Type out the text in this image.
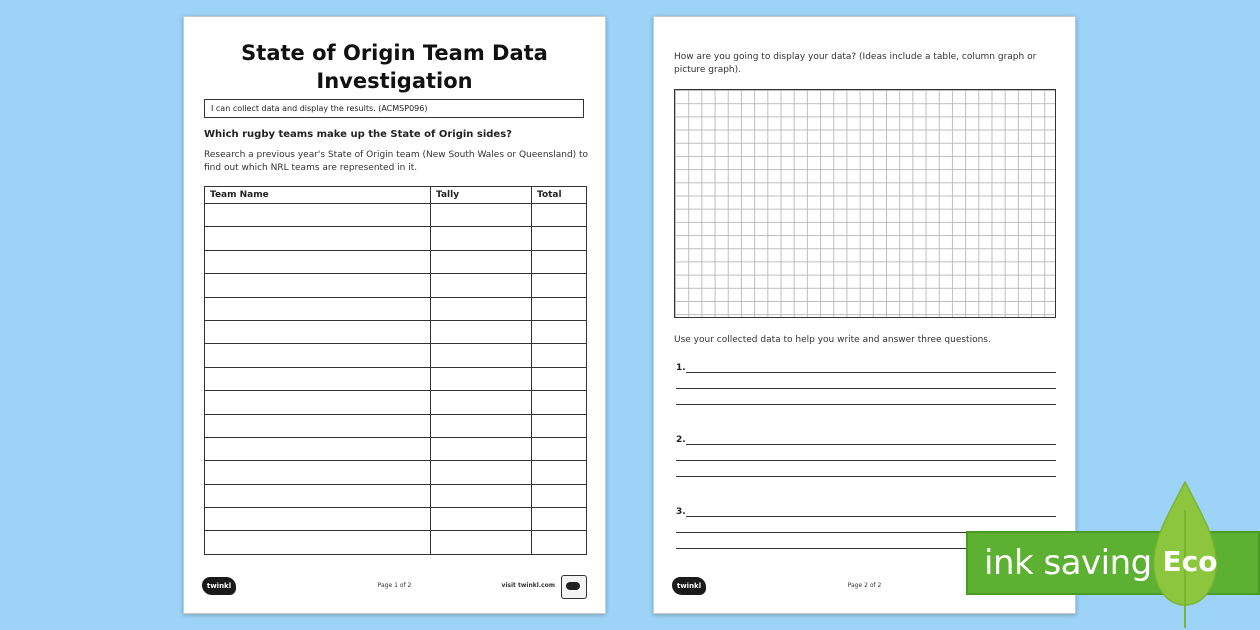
State of Origin Team Data
Investigation
I can collect data and display the results. (ACMSP096)
Which rugby teams make up the State of Origin sides?
Research a previous year's State of Origin team (New South Wales or Queensland) to find out which NRL teams are represented in it.
Team Name	Tally	Total

twinkl	Page 1 of 2	visit twinkl.com
How are you going to display your data? (Ideas include a table, column graph or picture graph).
Use your collected data to help you write and answer three questions.
1.
2.
3.
twinkl	Page 2 of 2
ink saving Eco
